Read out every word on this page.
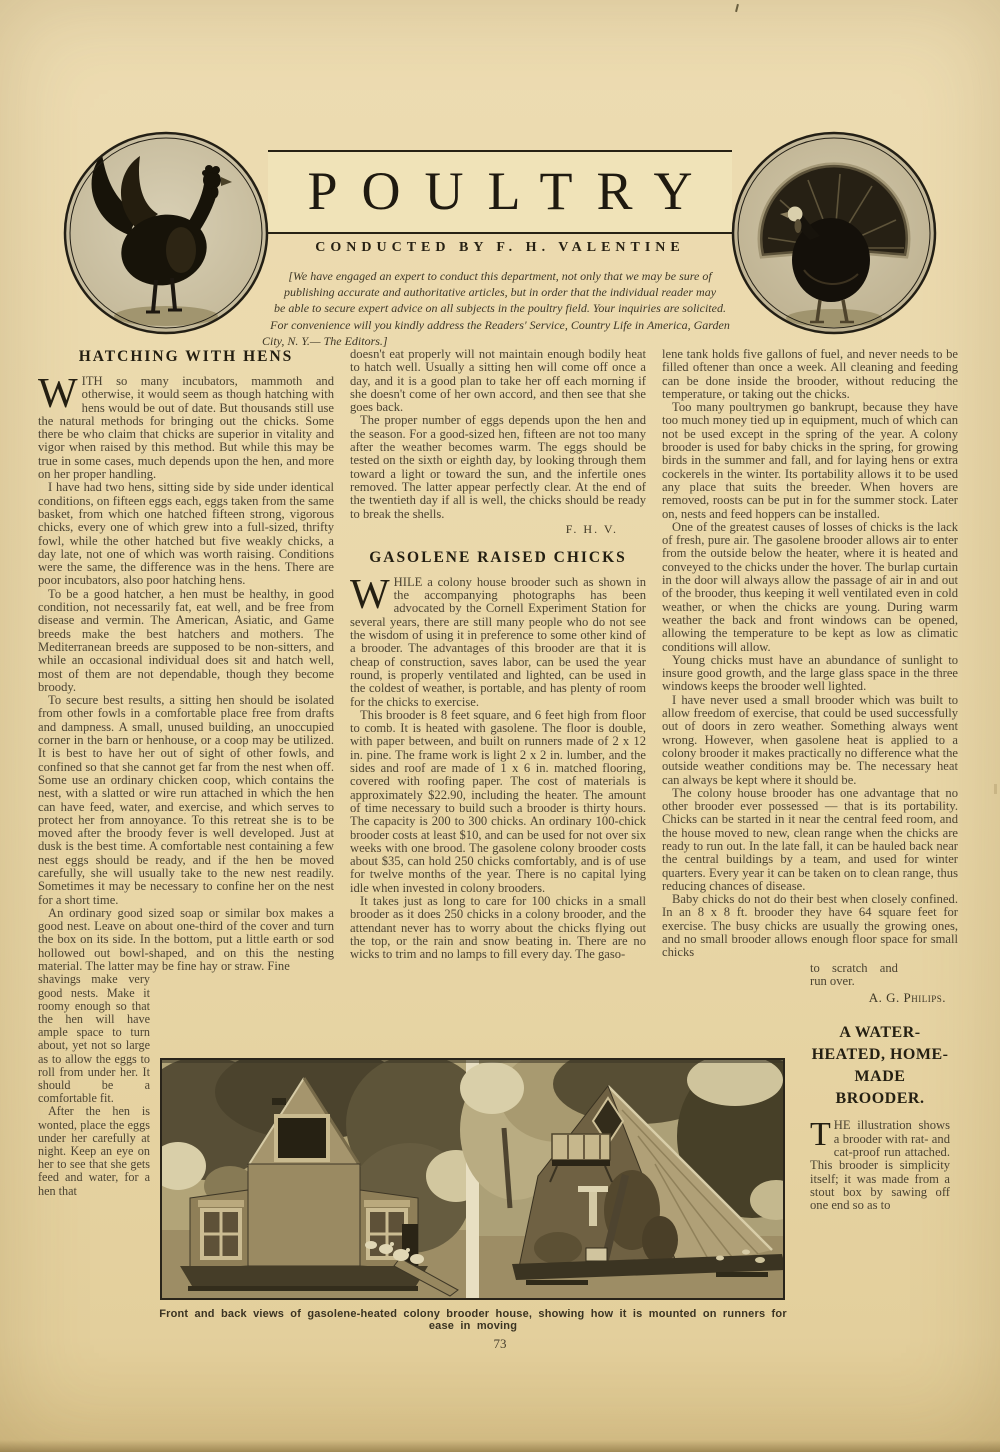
POULTRY
CONDUCTED BY F. H. VALENTINE
[We have engaged an expert to conduct this department, not only that we may be sure of
publishing accurate and authoritative articles, but in order that the individual reader may
be able to secure expert advice on all subjects in the poultry field. Your inquiries are solicited.
For convenience will you kindly address the Readers' Service, Country Life in America, Garden
City, N. Y.— The Editors.]
HATCHING WITH HENS

WITH so many incubators, mammoth and otherwise, it would seem as though hatching with hens would be out of date. But thousands still use the natural methods for bringing out the chicks. Some there be who claim that chicks are superior in vitality and vigor when raised by this method. But while this may be true in some cases, much depends upon the hen, and more on her proper handling.

I have had two hens, sitting side by side under identical conditions, on fifteen eggs each, eggs taken from the same basket, from which one hatched fifteen strong, vigorous chicks, every one of which grew into a full-sized, thrifty fowl, while the other hatched but five weakly chicks, a day late, not one of which was worth raising. Conditions were the same, the difference was in the hens. There are poor incubators, also poor hatching hens.

To be a good hatcher, a hen must be healthy, in good condition, not necessarily fat, eat well, and be free from disease and vermin. The American, Asiatic, and Game breeds make the best hatchers and mothers. The Mediterranean breeds are supposed to be non-sitters, and while an occasional individual does sit and hatch well, most of them are not dependable, though they become broody.

To secure best results, a sitting hen should be isolated from other fowls in a comfortable place free from drafts and dampness. A small, unused building, an unoccupied corner in the barn or henhouse, or a coop may be utilized. It is best to have her out of sight of other fowls, and confined so that she cannot get far from the nest when off. Some use an ordinary chicken coop, which contains the nest, with a slatted or wire run attached in which the hen can have feed, water, and exercise, and which serves to protect her from annoyance. To this retreat she is to be moved after the broody fever is well developed. Just at dusk is the best time. A comfortable nest containing a few nest eggs should be ready, and if the hen be moved carefully, she will usually take to the new nest readily. Sometimes it may be necessary to confine her on the nest for a short time.

An ordinary good sized soap or similar box makes a good nest. Leave on about one-third of the cover and turn the box on its side. In the bottom, put a little earth or sod hollowed out bowl-shaped, and on this the nesting material. The latter may be fine hay or straw. Fine

shavings make very good nests. Make it roomy enough so that the hen will have ample space to turn about, yet not so large as to allow the eggs to roll from under her. It should be a comfortable fit.

After the hen is wonted, place the eggs under her carefully at night. Keep an eye on her to see that she gets feed and water, for a hen that

doesn't eat properly will not maintain enough bodily heat to hatch well. Usually a sitting hen will come off once a day, and it is a good plan to take her off each morning if she doesn't come of her own accord, and then see that she goes back.

The proper number of eggs depends upon the hen and the season. For a good-sized hen, fifteen are not too many after the weather becomes warm. The eggs should be tested on the sixth or eighth day, by looking through them toward a light or toward the sun, and the infertile ones removed. The latter appear perfectly clear. At the end of the twentieth day if all is well, the chicks should be ready to break the shells.

F. H. V.
GASOLENE RAISED CHICKS

WHILE a colony house brooder such as shown in the accompanying photographs has been advocated by the Cornell Experiment Station for several years, there are still many people who do not see the wisdom of using it in preference to some other kind of a brooder. The advantages of this brooder are that it is cheap of construction, saves labor, can be used the year round, is properly ventilated and lighted, can be used in the coldest of weather, is portable, and has plenty of room for the chicks to exercise.

This brooder is 8 feet square, and 6 feet high from floor to comb. It is heated with gasolene. The floor is double, with paper between, and built on runners made of 2 x 12 in. pine. The frame work is light 2 x 2 in. lumber, and the sides and roof are made of 1 x 6 in. matched flooring, covered with roofing paper. The cost of materials is approximately $22.90, including the heater. The amount of time necessary to build such a brooder is thirty hours. The capacity is 200 to 300 chicks. An ordinary 100-chick brooder costs at least $10, and can be used for not over six weeks with one brood. The gasolene colony brooder costs about $35, can hold 250 chicks comfortably, and is of use for twelve months of the year. There is no capital lying idle when invested in colony brooders.

It takes just as long to care for 100 chicks in a small brooder as it does 250 chicks in a colony brooder, and the attendant never has to worry about the chicks flying out the top, or the rain and snow beating in. There are no wicks to trim and no lamps to fill every day. The gaso-

lene tank holds five gallons of fuel, and never needs to be filled oftener than once a week. All cleaning and feeding can be done inside the brooder, without reducing the temperature, or taking out the chicks.

Too many poultrymen go bankrupt, because they have too much money tied up in equipment, much of which can not be used except in the spring of the year. A colony brooder is used for baby chicks in the spring, for growing birds in the summer and fall, and for laying hens or extra cockerels in the winter. Its portability allows it to be used any place that suits the breeder. When hovers are removed, roosts can be put in for the summer stock. Later on, nests and feed hoppers can be installed.

One of the greatest causes of losses of chicks is the lack of fresh, pure air. The gasolene brooder allows air to enter from the outside below the heater, where it is heated and conveyed to the chicks under the hover. The burlap curtain in the door will always allow the passage of air in and out of the brooder, thus keeping it well ventilated even in cold weather, or when the chicks are young. During warm weather the back and front windows can be opened, allowing the temperature to be kept as low as climatic conditions will allow.

Young chicks must have an abundance of sunlight to insure good growth, and the large glass space in the three windows keeps the brooder well lighted.

I have never used a small brooder which was built to allow freedom of exercise, that could be used successfully out of doors in zero weather. Something always went wrong. However, when gasolene heat is applied to a colony brooder it makes practically no difference what the outside weather conditions may be. The necessary heat can always be kept where it should be.

The colony house brooder has one advantage that no other brooder ever possessed — that is its portability. Chicks can be started in it near the central feed room, and the house moved to new, clean range when the chicks are ready to run out. In the late fall, it can be hauled back near the central buildings by a team, and used for winter quarters. Every year it can be taken on to clean range, thus reducing chances of disease.

Baby chicks do not do their best when closely confined. In an 8 x 8 ft. brooder they have 64 square feet for exercise. The busy chicks are usually the growing ones, and no small brooder allows enough floor space for small chicks

to scratch and
run over.
A. G. Philips.
A WATER-HEATED, HOME-MADE BROODER.

THE illustration shows a brooder with rat- and cat-proof run attached. This brooder is simplicity itself; it was made from a stout box by sawing off one end so as to

Front and back views of gasolene-heated colony brooder house, showing how it is mounted on runners for ease in moving
73
